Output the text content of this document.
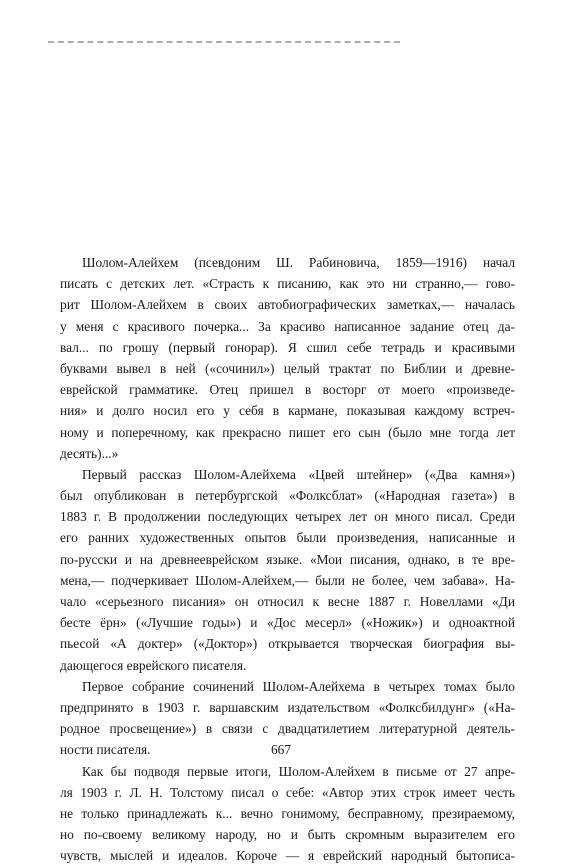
Шолом-Алейхем (псевдоним Ш. Рабиновича, 1859—1916) начал
писать с детских лет. «Страсть к писанию, как это ни странно,— гово-
рит Шолом-Алейхем в своих автобиографических заметках,— началась
у меня с красивого почерка... За красиво написанное задание отец да-
вал... по грошу (первый гонорар). Я сшил себе тетрадь и красивыми
буквами вывел в ней («сочинил») целый трактат по Библии и древне-
еврейской грамматике. Отец пришел в восторг от моего «произведе-
ния» и долго носил его у себя в кармане, показывая каждому встреч-
ному и поперечному, как прекрасно пишет его сын (было мне тогда лет
десять)...»
Первый рассказ Шолом-Алейхема «Цвей штейнер» («Два камня»)
был опубликован в петербургской «Фолксблат» («Народная газета») в
1883 г. В продолжении последующих четырех лет он много писал. Среди
его ранних художественных опытов были произведения, написанные и
по-русски и на древнееврейском языке. «Мои писания, однако, в те вре-
мена,— подчеркивает Шолом-Алейхем,— были не более, чем забава». На-
чало «серьезного писания» он относил к весне 1887 г. Новеллами «Ди
бесте ёрн» («Лучшие годы») и «Дос месерл» («Ножик») и одноактной
пьесой «А доктер» («Доктор») открывается творческая биография вы-
дающегося еврейского писателя.
Первое собрание сочинений Шолом-Алейхема в четырех томах было
предпринято в 1903 г. варшавским издательством «Фолксбилдунг» («На-
родное просвещение») в связи с двадцатилетием литературной деятель-
ности писателя.
Как бы подводя первые итоги, Шолом-Алейхем в письме от 27 апре-
ля 1903 г. Л. Н. Толстому писал о себе: «Автор этих строк имеет честь
не только принадлежать к... вечно гонимому, бесправному, презираемому,
но по-своему великому народу, но и быть скромным выразителем его
чувств, мыслей и идеалов. Короче — я еврейский народный бытописа-
667
